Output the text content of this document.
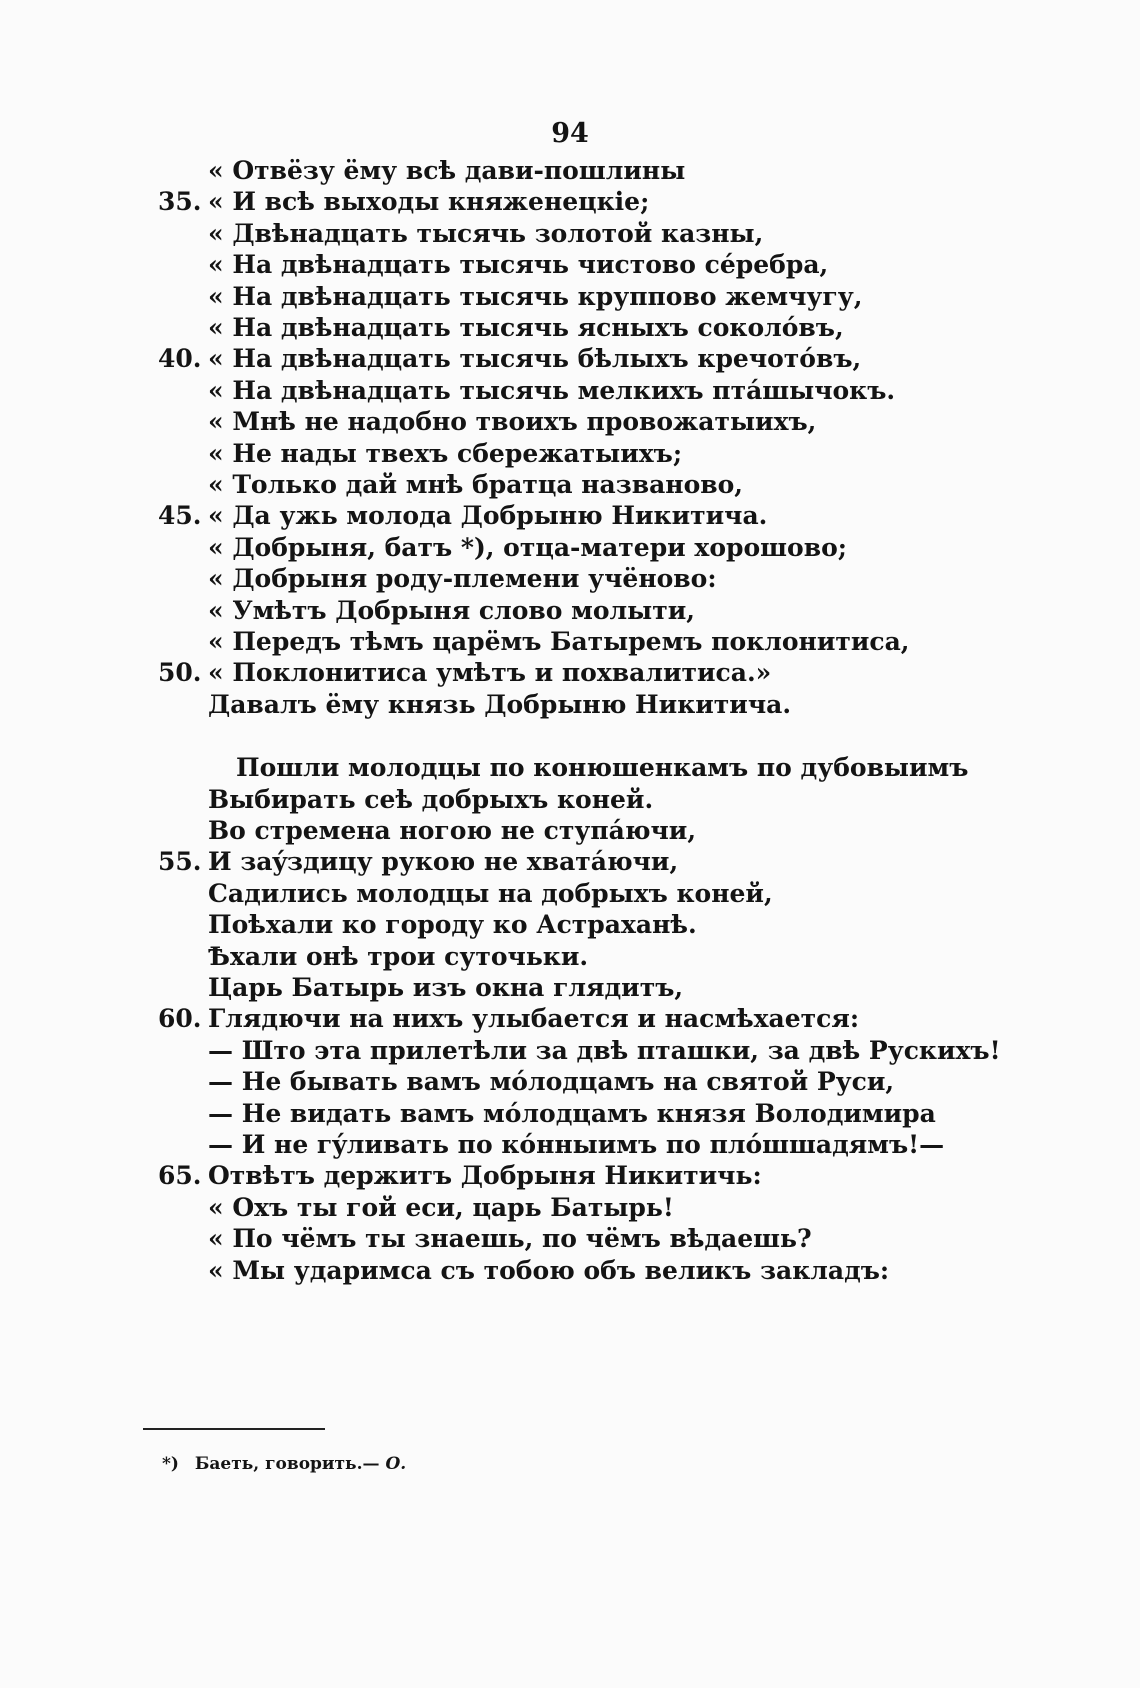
94
« Отвёзу ёму всѣ дави-пошлины
35. « И всѣ выходы княженецкіе;
« Двѣнадцать тысячь золотой казны,
« На двѣнадцать тысячь чистово сéребра,
« На двѣнадцать тысячь круппово жемчугу,
« На двѣнадцать тысячь ясныхъ соколóвъ,
40. « На двѣнадцать тысячь бѣлыхъ кречотóвъ,
« На двѣнадцать тысячь мелкихъ птáшычокъ.
« Мнѣ не надобно твоихъ провожатыихъ,
« Не нады твехъ сбережатыихъ;
« Только дай мнѣ братца названово,
45. « Да ужь молода Добрыню Никитича.
« Добрыня, батъ *), отца-матери хорошово;
« Добрыня роду-племени учёново:
« Умѣтъ Добрыня слово молыти,
« Передъ тѣмъ царёмъ Батыремъ поклонитиса,
50. « Поклонитиса умѣтъ и похвалитиса.»
Давалъ ёму князь Добрыню Никитича.
Пошли молодцы по конюшенкамъ по дубовыимъ
Выбирать сеѣ добрыхъ коней.
Во стремена ногою не ступáючи,
55. И заýздицу рукою не хватáючи,
Садились молодцы на добрыхъ коней,
Поѣхали ко городу ко Астраханѣ.
Ѣхали онѣ трои суточьки.
Царь Батырь изъ окна глядитъ,
60. Глядючи на нихъ улыбается и насмѣхается:
— Што эта прилетѣли за двѣ пташки, за двѣ Рускихъ!
— Не бывать вамъ мóлодцамъ на святой Руси,
— Не видать вамъ мóлодцамъ князя Володимира
— И не гýливать по кóнныимъ по плóшшадямъ!—
65. Отвѣтъ держитъ Добрыня Никитичь:
« Охъ ты гой еси, царь Батырь!
« По чёмъ ты знаешь, по чёмъ вѣдаешь?
« Мы ударимса съ тобою объ великъ закладъ:
*) Баеть, говорить.— О.
